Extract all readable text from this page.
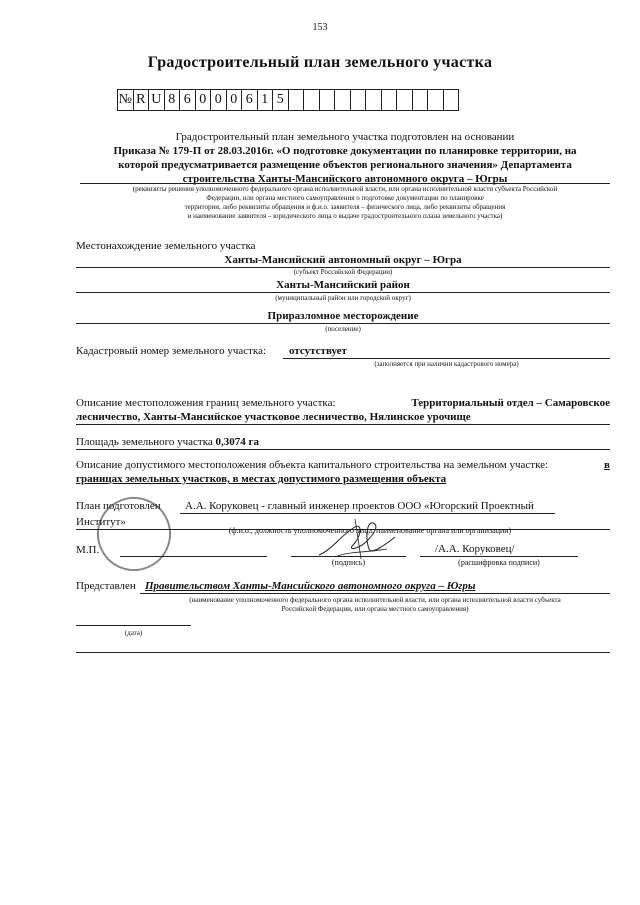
153
Градостроительный план земельного участка
№ R U 8 6 0 0 0 6 1 5
Градостроительный план земельного участка подготовлен на основании
Приказа № 179-П от 28.03.2016г. «О подготовке документации по планировке территории, на
которой предусматривается размещение объектов регионального значения» Департамента
строительства Ханты-Мансийского автономного округа – Югры
(реквизиты решения уполномоченного федерального органа исполнительной власти, или органа исполнительной власти субъекта Российской
Федерации, или органа местного самоуправления о подготовке документации по планировке
территории, либо реквизиты обращения и ф.и.о. заявителя – физического лица, либо реквизиты обращения
и наименование заявителя – юридического лица о выдаче градостроительного плана земельного участка)
Местонахождение земельного участка
Ханты-Мансийский автономный округ – Югра
(субъект Российской Федерации)
Ханты-Мансийский район
(муниципальный район или городской округ)
Приразломное месторождение
(поселение)
Кадастровый номер земельного участка: отсутствует
(заполняется при наличии кадастрового номера)
Описание местоположения границ земельного участка:	Территориальный отдел – Самаровское
лесничество, Ханты-Мансийское участковое лесничество, Нялинское урочище
Площадь земельного участка 0,3074 га
Описание допустимого местоположения объекта капитального строительства на земельном участке:	в
границах земельных участков, в местах допустимого размещения объекта
План подготовлен А.А. Коруковец - главный инженер проектов ООО «Югорский Проектный
Институт»
(ф.и.о., должность уполномоченного лица, наименование органа или организации)
М.П.
(подпись)
/А.А. Коруковец/
(расшифровка подписи)
Представлен Правительством Ханты-Мансийского автономного округа – Югры
(наименование уполномоченного федерального органа исполнительной власти, или органа исполнительной власти субъекта
Российской Федерации, или органа местного самоуправления)
(дата)
